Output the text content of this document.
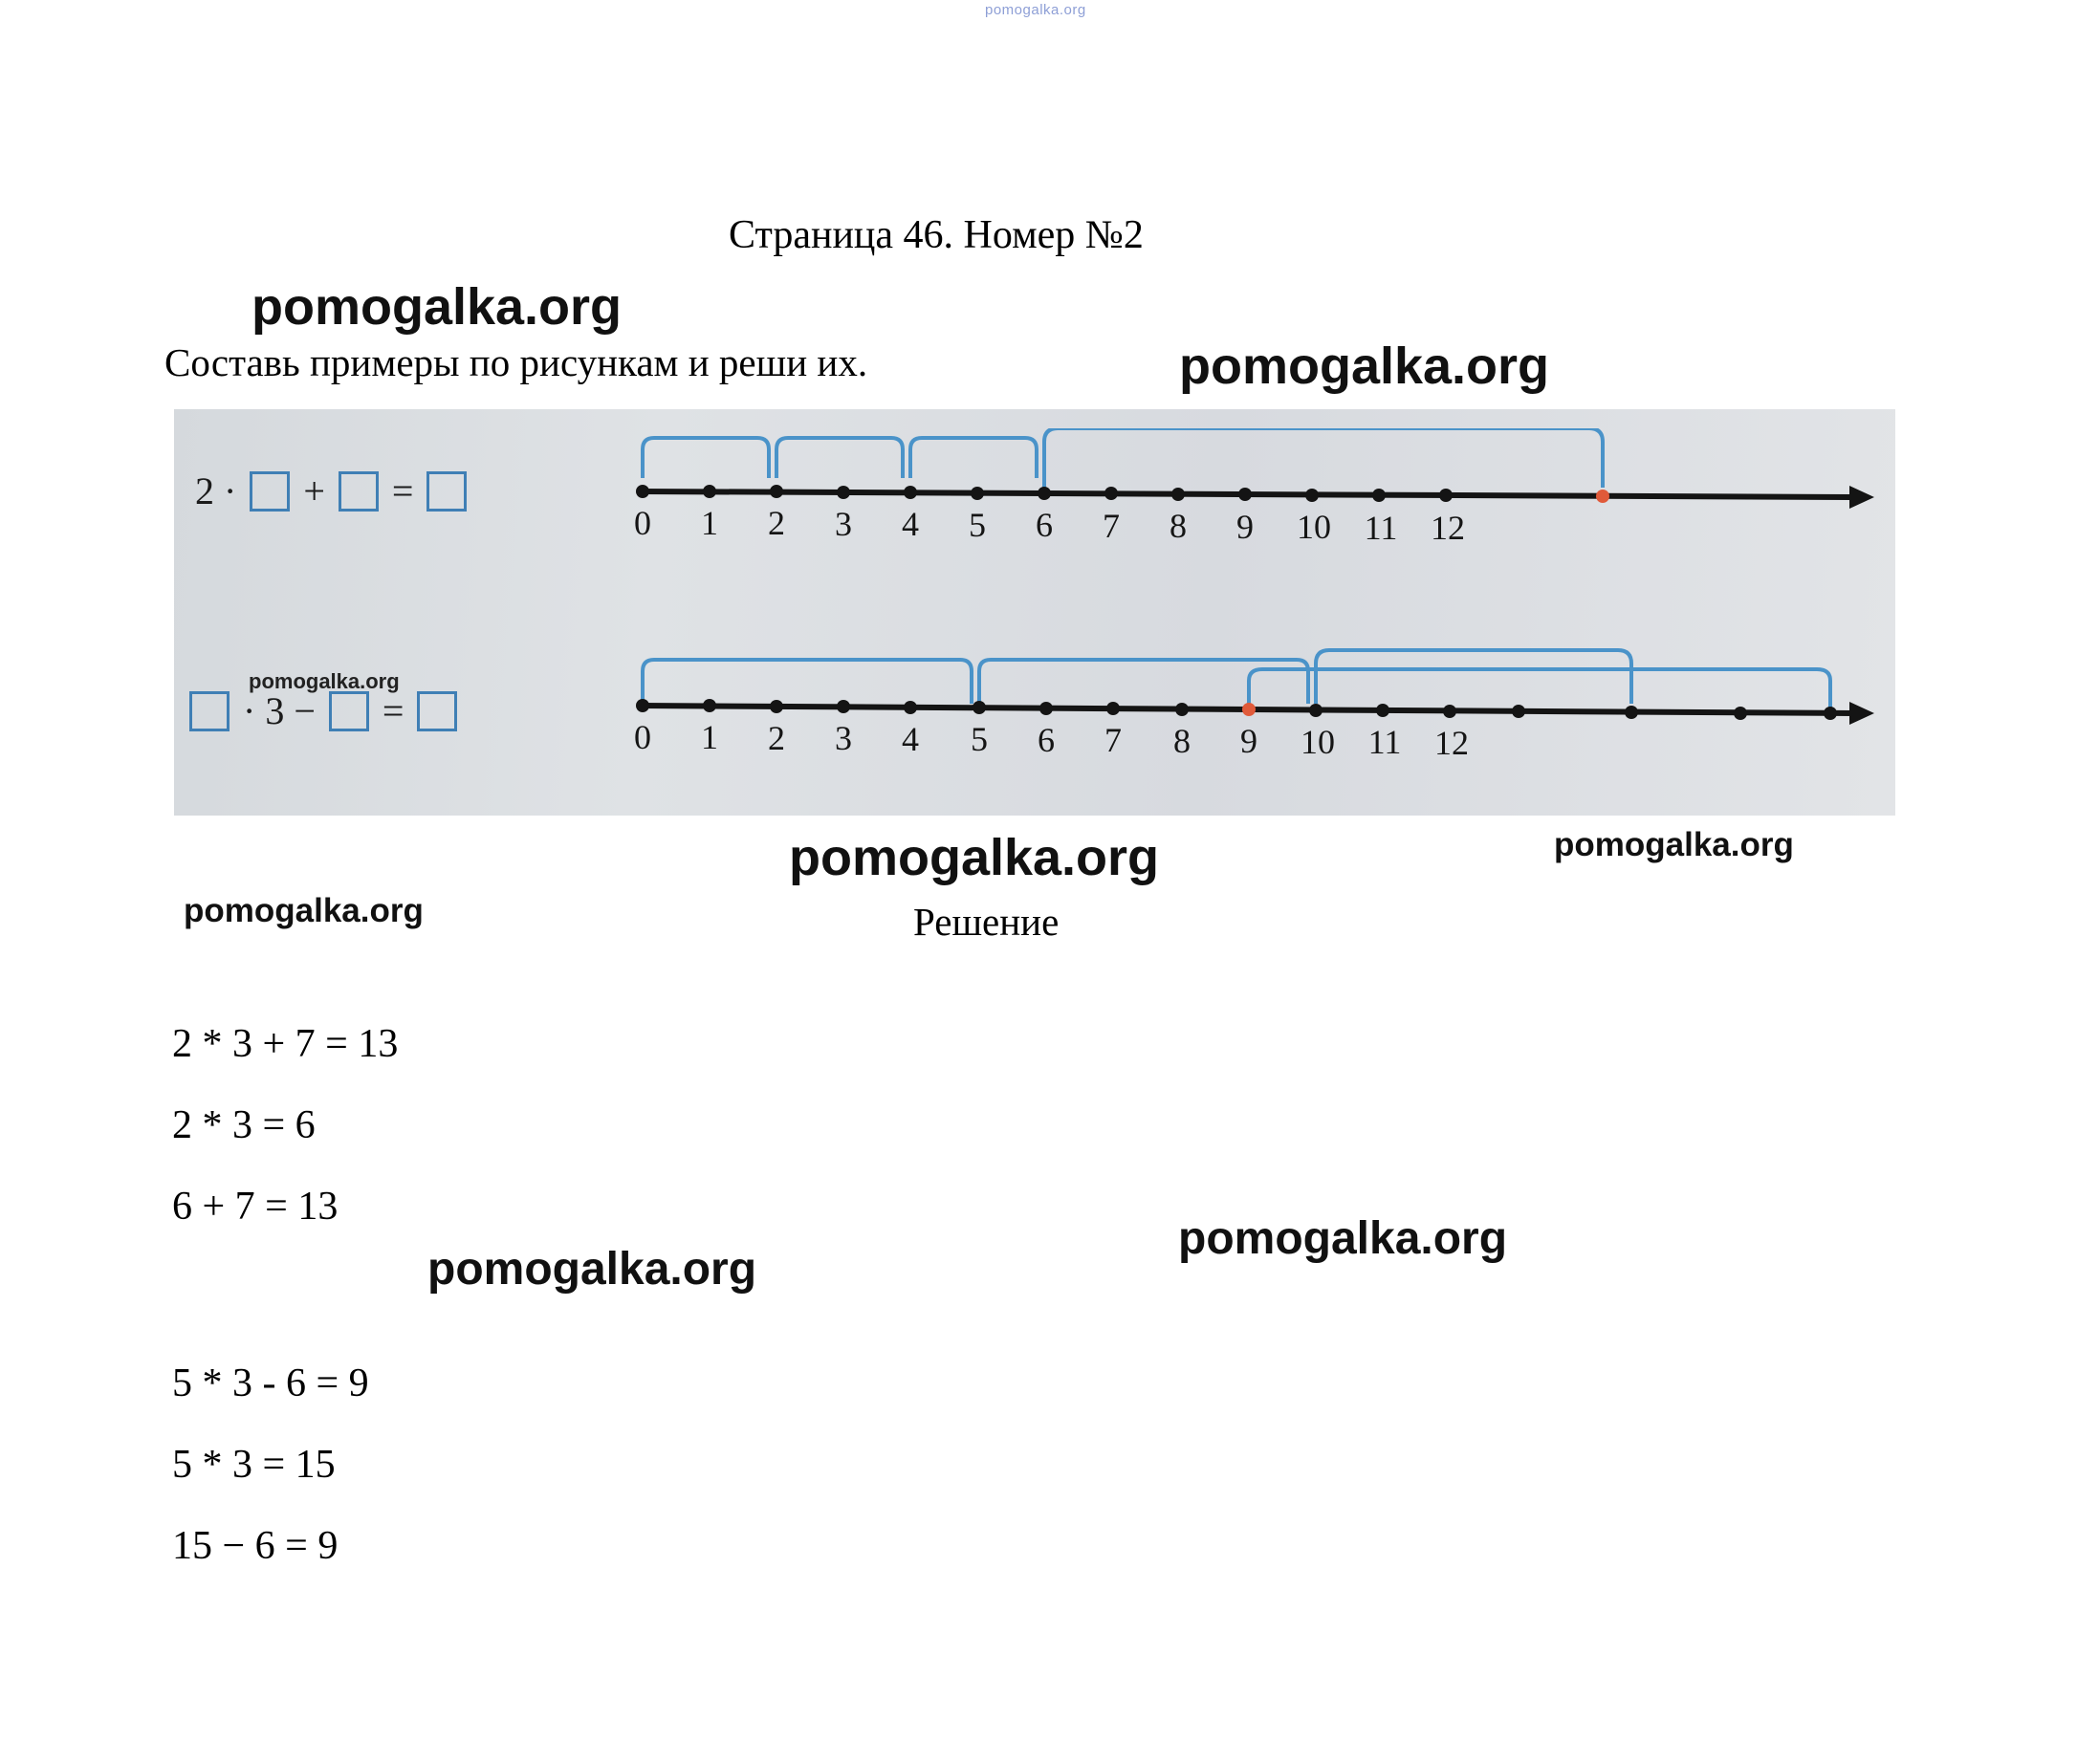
pomogalka.org
Страница 46. Номер №2
pomogalka.org
Составь примеры по рисункам и реши их.	pomogalka.org
2 · + =
0 1 2 3 4 5 6 7 8 9 10 11 12
· 3 − =
pomogalka.org
0 1 2 3 4 5 6 7 8 9 10 11 12
pomogalka.org	pomogalka.org
pomogalka.org	Решение
2 * 3 + 7 = 13
2 * 3 = 6
6 + 7 = 13
pomogalka.org
pomogalka.org
5 * 3 - 6 = 9
5 * 3 = 15
15 − 6 = 9
